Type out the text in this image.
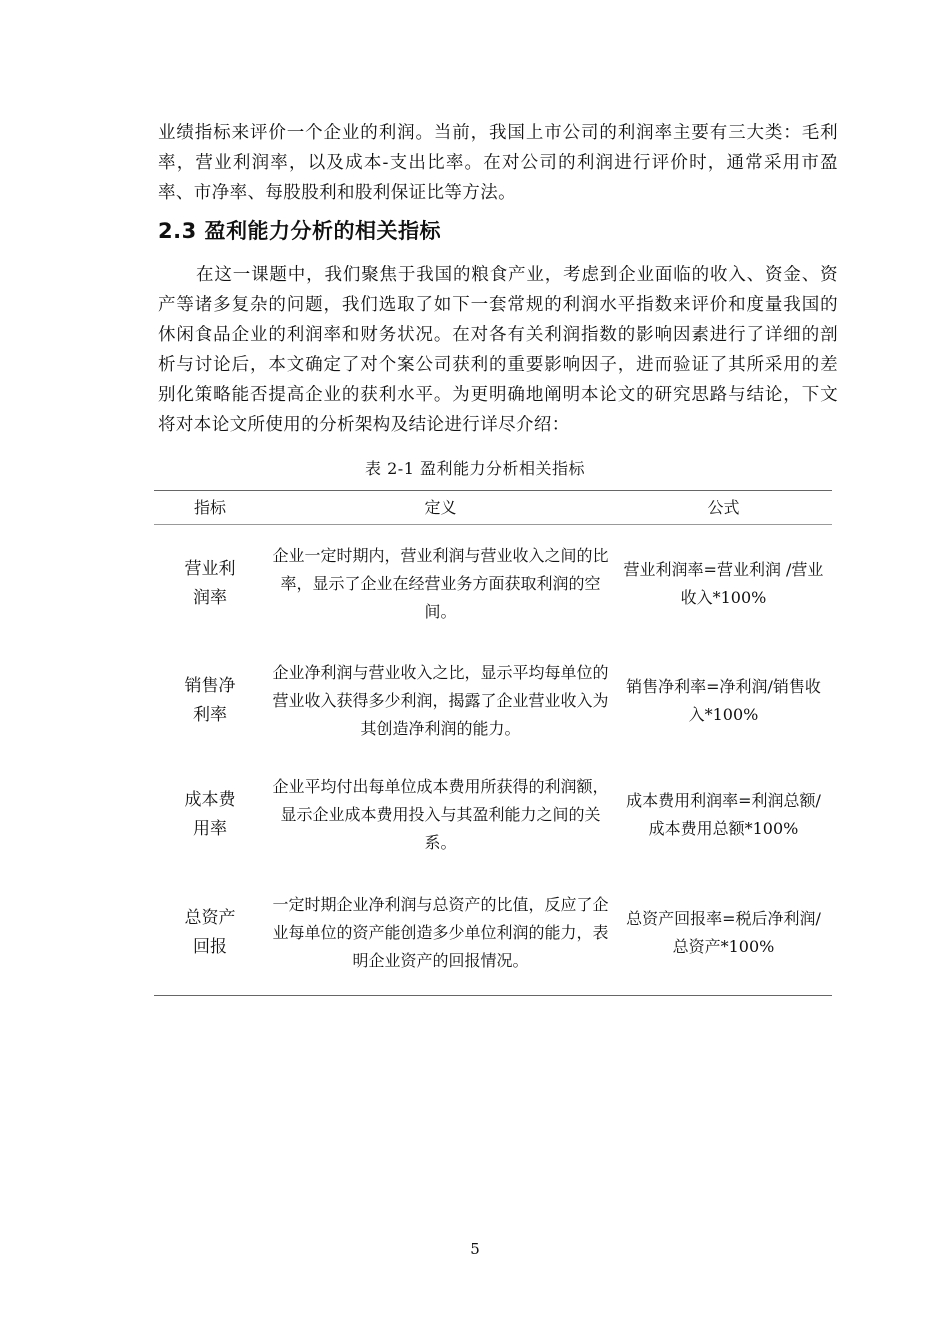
业绩指标来评价一个企业的利润。当前，我国上市公司的利润率主要有三大类：毛利率，营业利润率，以及成本-支出比率。在对公司的利润进行评价时，通常采用市盈率、市净率、每股股利和股利保证比等方法。

2.3 盈利能力分析的相关指标

在这一课题中，我们聚焦于我国的粮食产业，考虑到企业面临的收入、资金、资产等诸多复杂的问题，我们选取了如下一套常规的利润水平指数来评价和度量我国的休闲食品企业的利润率和财务状况。在对各有关利润指数的影响因素进行了详细的剖析与讨论后，本文确定了对个案公司获利的重要影响因子，进而验证了其所采用的差别化策略能否提高企业的获利水平。为更明确地阐明本论文的研究思路与结论，下文将对本论文所使用的分析架构及结论进行详尽介绍：

表 2-1 盈利能力分析相关指标
指标	定义	公式
营业利润率	企业一定时期内，营业利润与营业收入之间的比率，显示了企业在经营业务方面获取利润的空间。	营业利润率=营业利润 /营业收入*100%
销售净利率	企业净利润与营业收入之比，显示平均每单位的营业收入获得多少利润，揭露了企业营业收入为其创造净利润的能力。	销售净利率=净利润/销售收入*100%
成本费用率	企业平均付出每单位成本费用所获得的利润额，显示企业成本费用投入与其盈利能力之间的关系。	成本费用利润率=利润总额/成本费用总额*100%
总资产回报	一定时期企业净利润与总资产的比值，反应了企业每单位的资产能创造多少单位利润的能力，表明企业资产的回报情况。	总资产回报率=税后净利润/总资产*100%
5
